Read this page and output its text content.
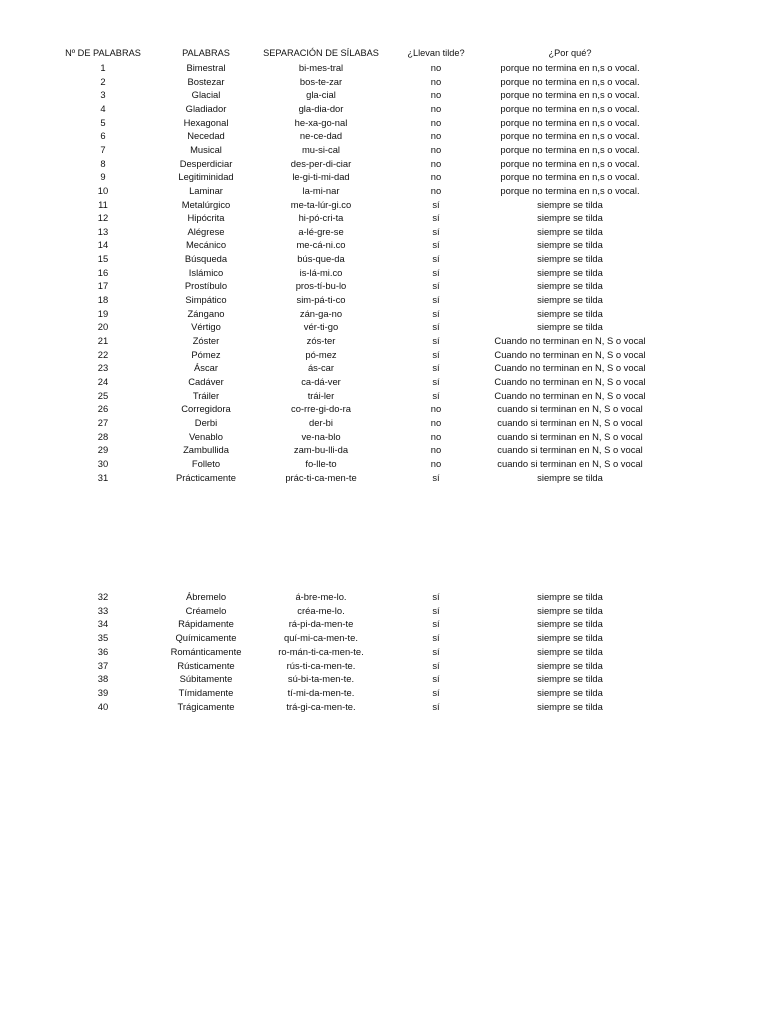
Nº DE PALABRAS	PALABRAS	SEPARACIÓN DE SÍLABAS	¿Llevan tilde?	¿Por qué?
1	Bimestral	bi-mes-tral	no	porque no termina en n,s o vocal.
2	Bostezar	bos-te-zar	no	porque no termina en n,s o vocal.
3	Glacial	gla-cial	no	porque no termina en n,s o vocal.
4	Gladiador	gla-dia-dor	no	porque no termina en n,s o vocal.
5	Hexagonal	he-xa-go-nal	no	porque no termina en n,s o vocal.
6	Necedad	ne-ce-dad	no	porque no termina en n,s o vocal.
7	Musical	mu-si-cal	no	porque no termina en n,s o vocal.
8	Desperdiciar	des-per-di-ciar	no	porque no termina en n,s o vocal.
9	Legitiminidad	le-gi-ti-mi-dad	no	porque no termina en n,s o vocal.
10	Laminar	la-mi-nar	no	porque no termina en n,s o vocal.
11	Metalúrgico	me-ta-lúr-gi.co	sí	siempre se tilda
12	Hipócrita	hi-pó-cri-ta	sí	siempre se tilda
13	Alégrese	a-lé-gre-se	sí	siempre se tilda
14	Mecánico	me-cá-ni.co	sí	siempre se tilda
15	Búsqueda	bús-que-da	sí	siempre se tilda
16	Islámico	is-lá-mi.co	sí	siempre se tilda
17	Prostíbulo	pros-tí-bu-lo	sí	siempre se tilda
18	Simpático	sim-pá-ti-co	sí	siempre se tilda
19	Zángano	zán-ga-no	sí	siempre se tilda
20	Vértigo	vér-ti-go	sí	siempre se tilda
21	Zóster	zós-ter	sí	Cuando no terminan en N, S o vocal
22	Pómez	pó-mez	sí	Cuando no terminan en N, S o vocal
23	Áscar	ás-car	sí	Cuando no terminan en N, S o vocal
24	Cadáver	ca-dá-ver	sí	Cuando no terminan en N, S o vocal
25	Tráiler	trái-ler	sí	Cuando no terminan en N, S o vocal
26	Corregidora	co-rre-gi-do-ra	no	cuando si terminan en N, S o vocal
27	Derbi	der-bi	no	cuando si terminan en N, S o vocal
28	Venablo	ve-na-blo	no	cuando si terminan en N, S o vocal
29	Zambullida	zam-bu-lli-da	no	cuando si terminan en N, S o vocal
30	Folleto	fo-lle-to	no	cuando si terminan en N, S o vocal
31	Prácticamente	prác-ti-ca-men-te	sí	siempre se tilda
32	Ábremelo	á-bre-me-lo.	sí	siempre se tilda
33	Créamelo	créa-me-lo.	sí	siempre se tilda
34	Rápidamente	rá-pi-da-men-te	sí	siempre se tilda
35	Químicamente	quí-mi-ca-men-te.	sí	siempre se tilda
36	Románticamente	ro-mán-ti-ca-men-te.	sí	siempre se tilda
37	Rústicamente	rús-ti-ca-men-te.	sí	siempre se tilda
38	Súbitamente	sú-bi-ta-men-te.	sí	siempre se tilda
39	Tímidamente	tí-mi-da-men-te.	sí	siempre se tilda
40	Trágicamente	trá-gi-ca-men-te.	sí	siempre se tilda
